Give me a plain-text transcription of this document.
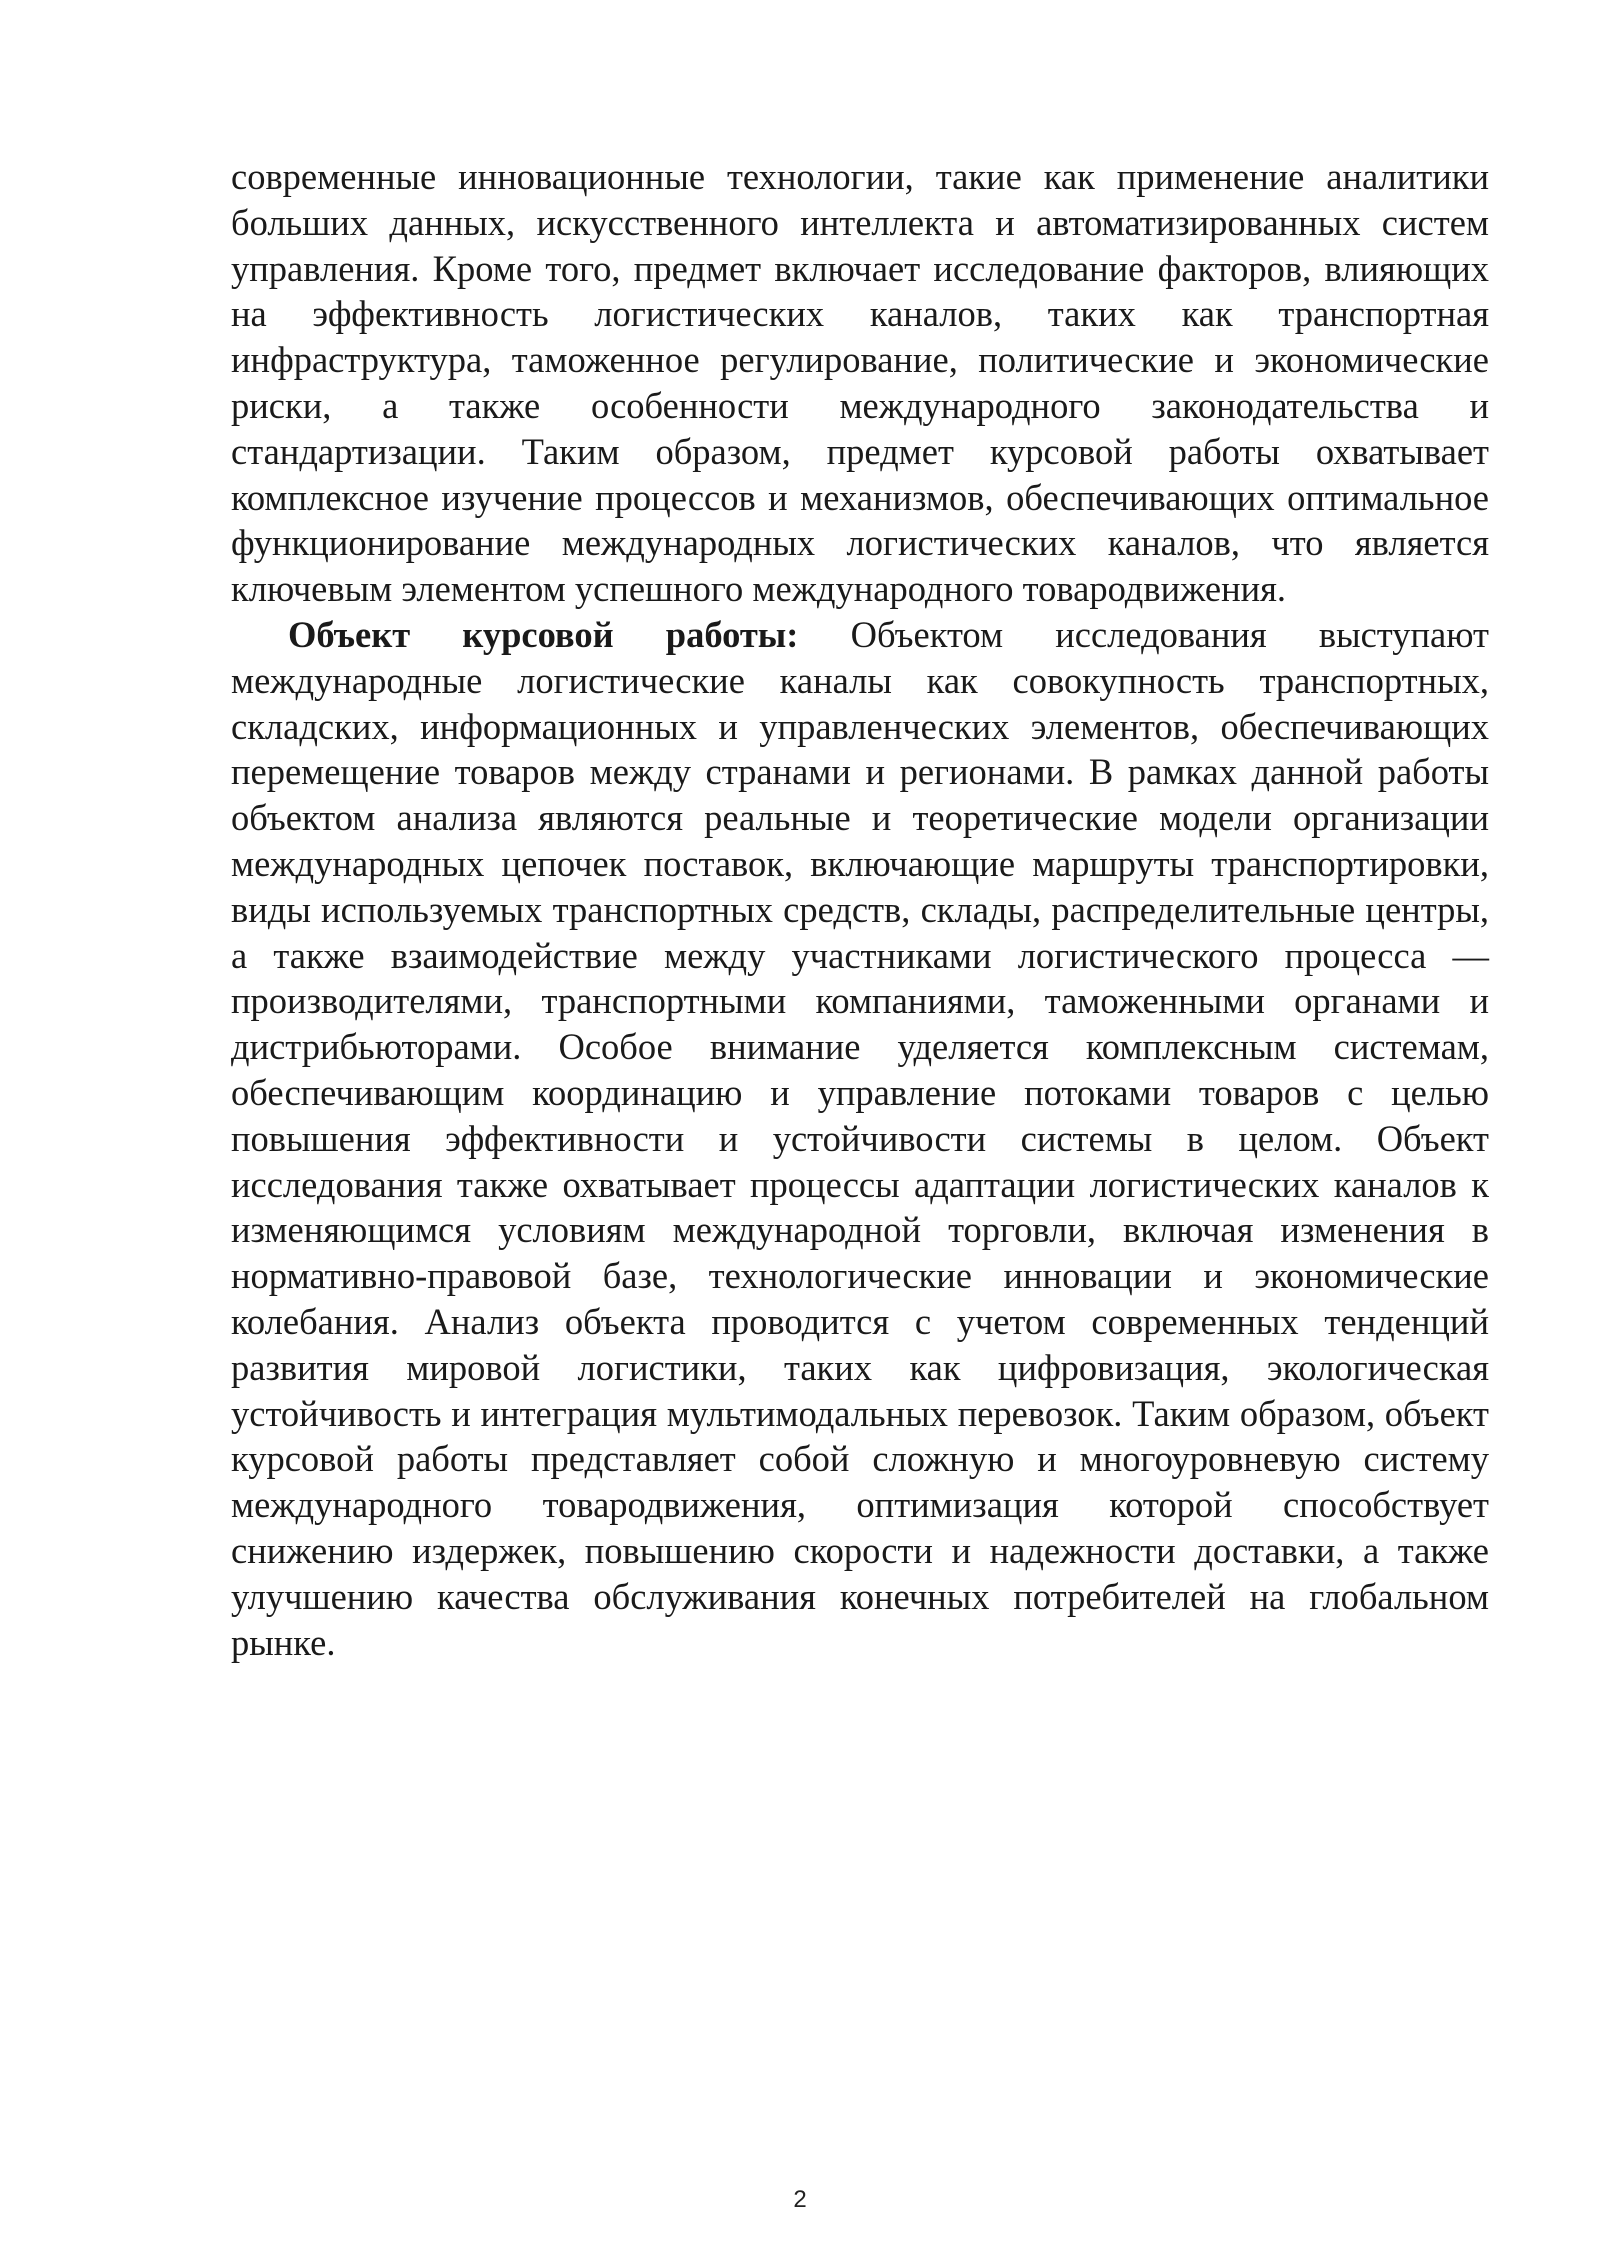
современные инновационные технологии, такие как применение аналитики больших данных, искусственного интеллекта и автоматизированных систем управления. Кроме того, предмет включает исследование факторов, влияющих на эффективность логистических каналов, таких как транспортная инфраструктура, таможенное регулирование, политические и экономические риски, а также особенности международного законодательства и стандартизации. Таким образом, предмет курсовой работы охватывает комплексное изучение процессов и механизмов, обеспечивающих оптимальное функционирование международных логистических каналов, что является ключевым элементом успешного международного товародвижения.

Объект курсовой работы: Объектом исследования выступают международные логистические каналы как совокупность транспортных, складских, информационных и управленческих элементов, обеспечивающих перемещение товаров между странами и регионами. В рамках данной работы объектом анализа являются реальные и теоретические модели организации международных цепочек поставок, включающие маршруты транспортировки, виды используемых транспортных средств, склады, распределительные центры, а также взаимодействие между участниками логистического процесса — производителями, транспортными компаниями, таможенными органами и дистрибьюторами. Особое внимание уделяется комплексным системам, обеспечивающим координацию и управление потоками товаров с целью повышения эффективности и устойчивости системы в целом. Объект исследования также охватывает процессы адаптации логистических каналов к изменяющимся условиям международной торговли, включая изменения в нормативно-правовой базе, технологические инновации и экономические колебания. Анализ объекта проводится с учетом современных тенденций развития мировой логистики, таких как цифровизация, экологическая устойчивость и интеграция мультимодальных перевозок. Таким образом, объект курсовой работы представляет собой сложную и многоуровневую систему международного товародвижения, оптимизация которой способствует снижению издержек, повышению скорости и надежности доставки, а также улучшению качества обслуживания конечных потребителей на глобальном рынке.

2
